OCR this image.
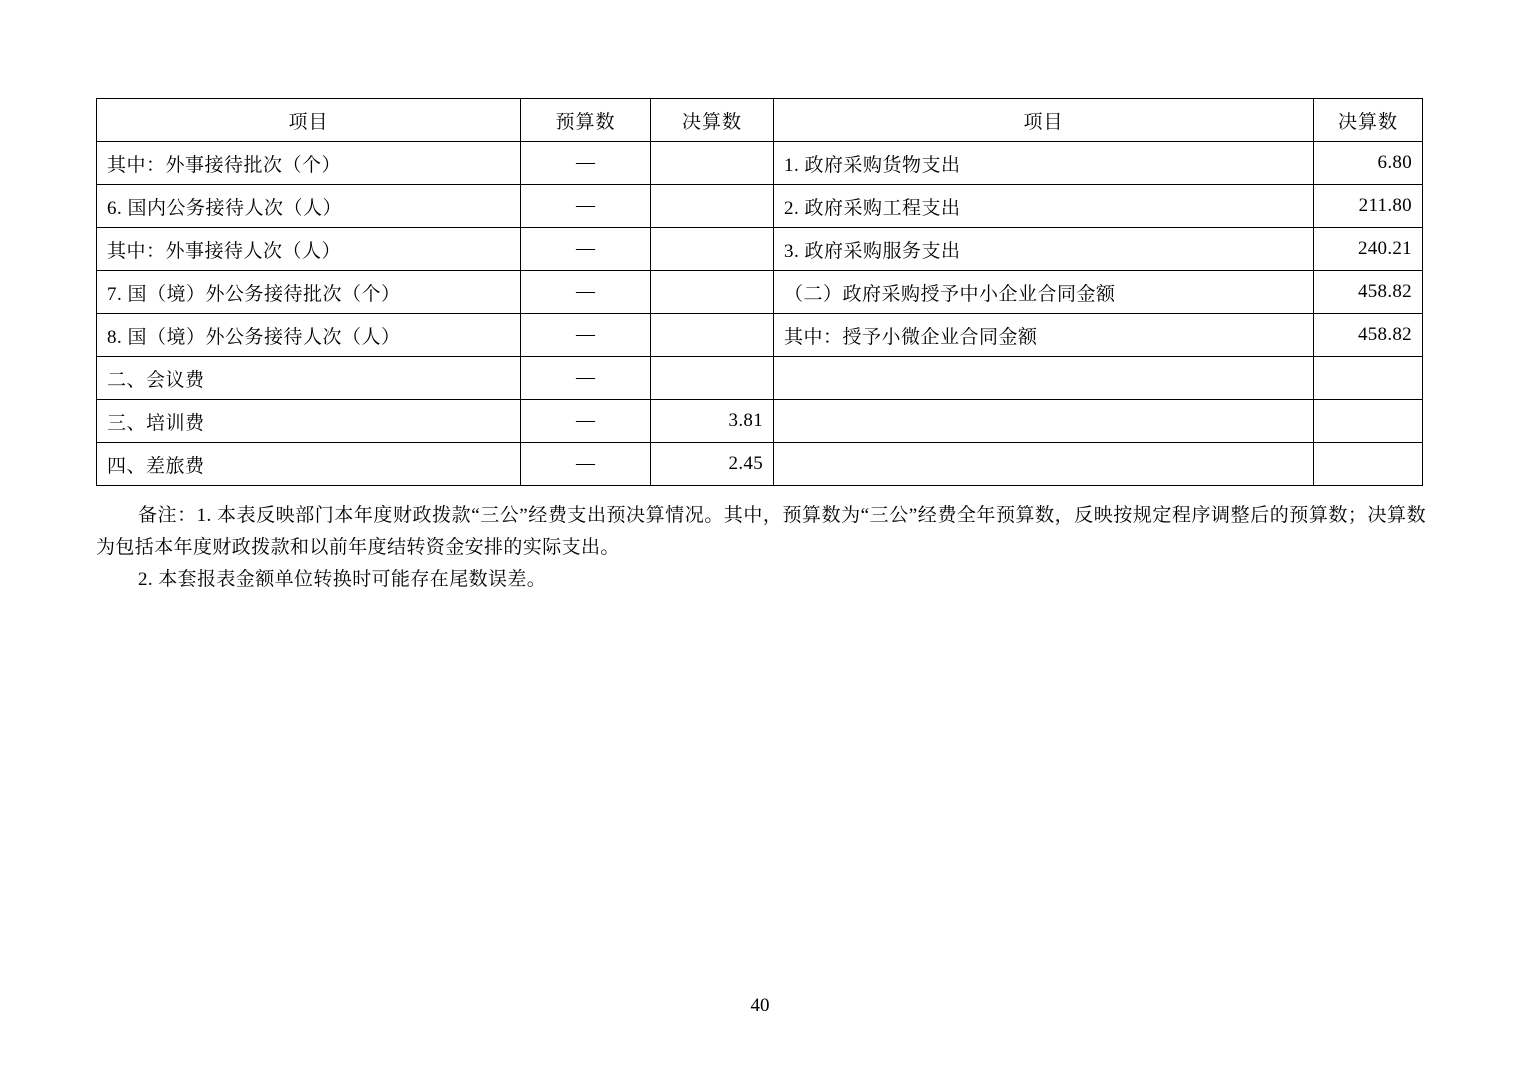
项目	预算数	决算数	项目	决算数
其中：外事接待批次（个）	—		1. 政府采购货物支出	6.80
6. 国内公务接待人次（人）	—		2. 政府采购工程支出	211.80
其中：外事接待人次（人）	—		3. 政府采购服务支出	240.21
7. 国（境）外公务接待批次（个）	—		（二）政府采购授予中小企业合同金额	458.82
8. 国（境）外公务接待人次（人）	—		其中：授予小微企业合同金额	458.82
二、会议费	—			
三、培训费	—	3.81		
四、差旅费	—	2.45		

备注：1. 本表反映部门本年度财政拨款“三公”经费支出预决算情况。其中，预算数为“三公”经费全年预算数，反映按规定程序调整后的预算数；决算数为包括本年度财政拨款和以前年度结转资金安排的实际支出。

2. 本套报表金额单位转换时可能存在尾数误差。

40
